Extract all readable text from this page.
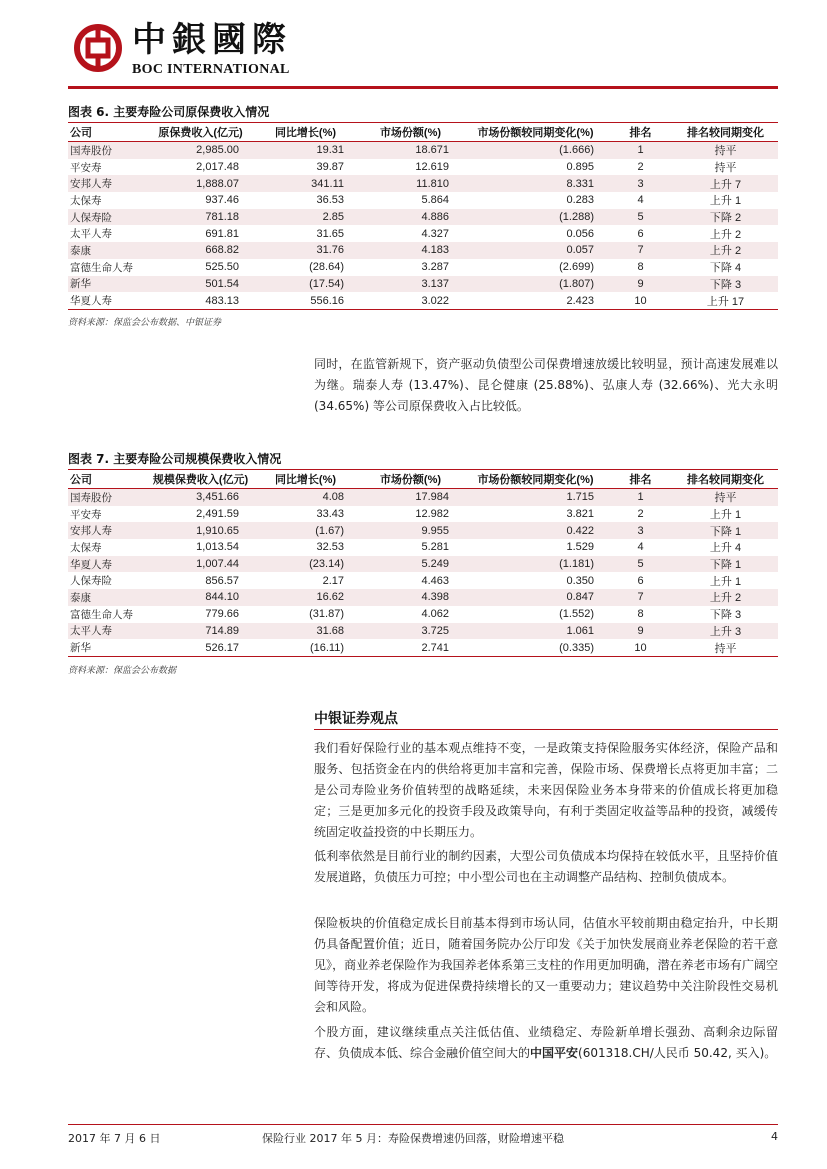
中銀國際
BOC INTERNATIONAL
图表 6. 主要寿险公司原保费收入情况
公司	原保费收入(亿元)	同比增长(%)	市场份额(%)	市场份额较同期变化(%)	排名	排名较同期变化
国寿股份	2,985.00	19.31	18.671	(1.666)	1	持平
平安寿	2,017.48	39.87	12.619	0.895	2	持平
安邦人寿	1,888.07	341.11	11.810	8.331	3	上升 7
太保寿	937.46	36.53	5.864	0.283	4	上升 1
人保寿险	781.18	2.85	4.886	(1.288)	5	下降 2
太平人寿	691.81	31.65	4.327	0.056	6	上升 2
泰康	668.82	31.76	4.183	0.057	7	上升 2
富德生命人寿	525.50	(28.64)	3.287	(2.699)	8	下降 4
新华	501.54	(17.54)	3.137	(1.807)	9	下降 3
华夏人寿	483.13	556.16	3.022	2.423	10	上升 17
资料来源：保监会公布数据、中银证券
同时，在监管新规下，资产驱动负债型公司保费增速放缓比较明显，预计高速发展难以为继。瑞泰人寿 (13.47%)、昆仑健康 (25.88%)、弘康人寿 (32.66%)、光大永明 (34.65%) 等公司原保费收入占比较低。
图表 7. 主要寿险公司规模保费收入情况
公司	规模保费收入(亿元)	同比增长(%)	市场份额(%)	市场份额较同期变化(%)	排名	排名较同期变化
国寿股份	3,451.66	4.08	17.984	1.715	1	持平
平安寿	2,491.59	33.43	12.982	3.821	2	上升 1
安邦人寿	1,910.65	(1.67)	9.955	0.422	3	下降 1
太保寿	1,013.54	32.53	5.281	1.529	4	上升 4
华夏人寿	1,007.44	(23.14)	5.249	(1.181)	5	下降 1
人保寿险	856.57	2.17	4.463	0.350	6	上升 1
泰康	844.10	16.62	4.398	0.847	7	上升 2
富德生命人寿	779.66	(31.87)	4.062	(1.552)	8	下降 3
太平人寿	714.89	31.68	3.725	1.061	9	上升 3
新华	526.17	(16.11)	2.741	(0.335)	10	持平
资料来源：保监会公布数据
中银证券观点
我们看好保险行业的基本观点维持不变，一是政策支持保险服务实体经济，保险产品和服务、包括资金在内的供给将更加丰富和完善，保险市场、保费增长点将更加丰富；二是公司寿险业务价值转型的战略延续，未来因保险业务本身带来的价值成长将更加稳定；三是更加多元化的投资手段及政策导向，有利于类固定收益等品种的投资，减缓传统固定收益投资的中长期压力。
低利率依然是目前行业的制约因素，大型公司负债成本均保持在较低水平，且坚持价值发展道路，负债压力可控；中小型公司也在主动调整产品结构、控制负债成本。
保险板块的价值稳定成长目前基本得到市场认同，估值水平较前期由稳定抬升，中长期仍具备配置价值；近日，随着国务院办公厅印发《关于加快发展商业养老保险的若干意见》，商业养老保险作为我国养老体系第三支柱的作用更加明确，潜在养老市场有广阔空间等待开发，将成为促进保费持续增长的又一重要动力；建议趋势中关注阶段性交易机会和风险。
个股方面，建议继续重点关注低估值、业绩稳定、寿险新单增长强劲、高剩余边际留存、负债成本低、综合金融价值空间大的中国平安(601318.CH/人民币 50.42, 买入)。
2017 年 7 月 6 日	保险行业 2017 年 5 月：寿险保费增速仍回落，财险增速平稳	4
